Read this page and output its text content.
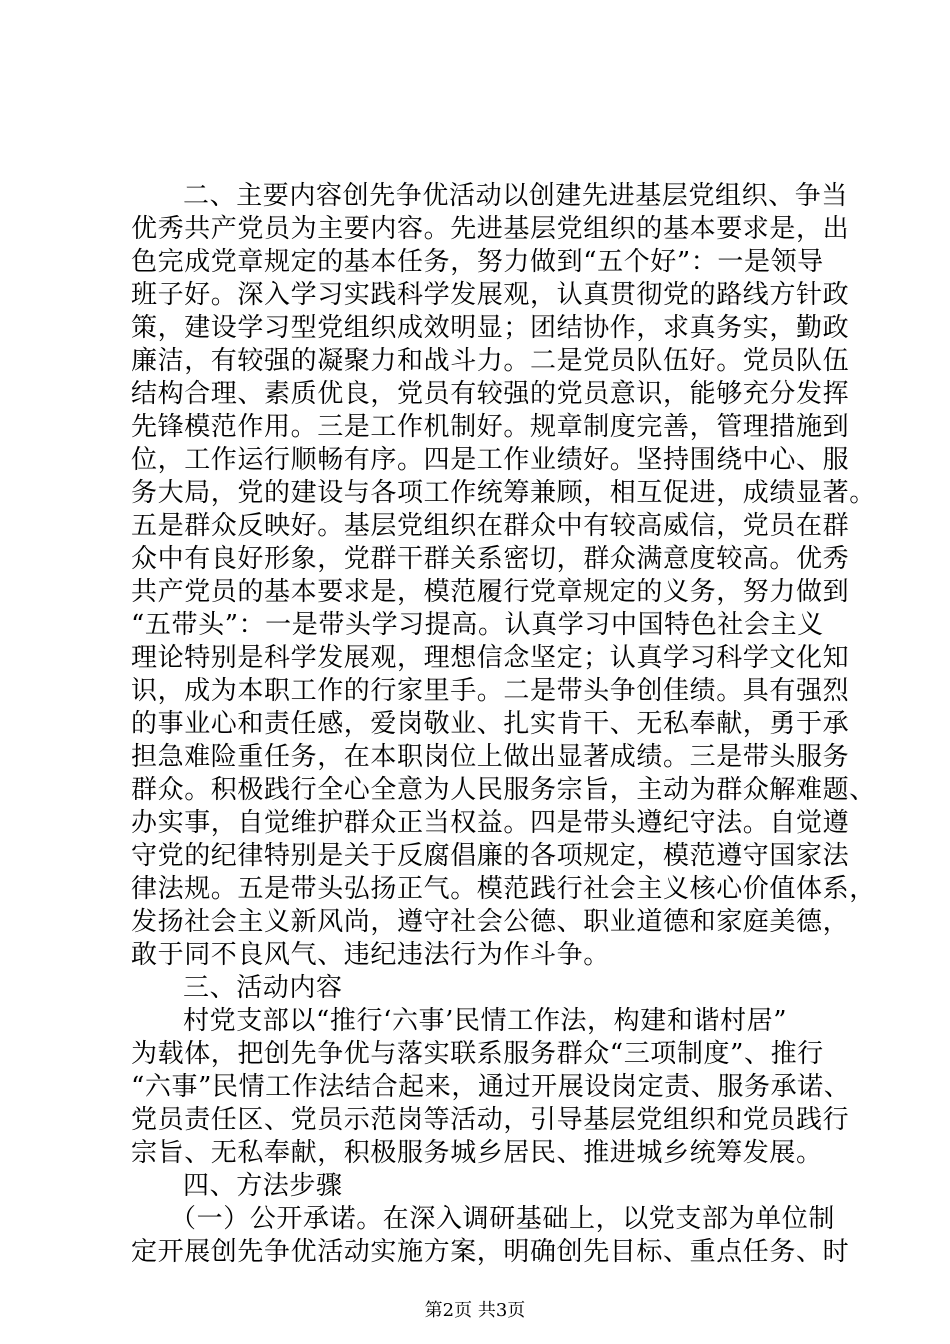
二、主要内容创先争优活动以创建先进基层党组织、争当
优秀共产党员为主要内容。先进基层党组织的基本要求是，出
色完成党章规定的基本任务，努力做到“五个好”：一是领导
班子好。深入学习实践科学发展观，认真贯彻党的路线方针政
策，建设学习型党组织成效明显；团结协作，求真务实，勤政
廉洁，有较强的凝聚力和战斗力。二是党员队伍好。党员队伍
结构合理、素质优良，党员有较强的党员意识，能够充分发挥
先锋模范作用。三是工作机制好。规章制度完善，管理措施到
位，工作运行顺畅有序。四是工作业绩好。坚持围绕中心、服
务大局，党的建设与各项工作统筹兼顾，相互促进，成绩显著。
五是群众反映好。基层党组织在群众中有较高威信，党员在群
众中有良好形象，党群干群关系密切，群众满意度较高。优秀
共产党员的基本要求是，模范履行党章规定的义务，努力做到
“五带头”：一是带头学习提高。认真学习中国特色社会主义
理论特别是科学发展观，理想信念坚定；认真学习科学文化知
识，成为本职工作的行家里手。二是带头争创佳绩。具有强烈
的事业心和责任感，爱岗敬业、扎实肯干、无私奉献，勇于承
担急难险重任务，在本职岗位上做出显著成绩。三是带头服务
群众。积极践行全心全意为人民服务宗旨，主动为群众解难题、
办实事，自觉维护群众正当权益。四是带头遵纪守法。自觉遵
守党的纪律特别是关于反腐倡廉的各项规定，模范遵守国家法
律法规。五是带头弘扬正气。模范践行社会主义核心价值体系，
发扬社会主义新风尚，遵守社会公德、职业道德和家庭美德，
敢于同不良风气、违纪违法行为作斗争。
三、活动内容
村党支部以“推行‘六事’民情工作法，构建和谐村居”
为载体，把创先争优与落实联系服务群众“三项制度”、推行
“六事”民情工作法结合起来，通过开展设岗定责、服务承诺、
党员责任区、党员示范岗等活动，引导基层党组织和党员践行
宗旨、无私奉献，积极服务城乡居民、推进城乡统筹发展。
四、方法步骤
（一）公开承诺。在深入调研基础上，以党支部为单位制
定开展创先争优活动实施方案，明确创先目标、重点任务、时
第2页 共3页
